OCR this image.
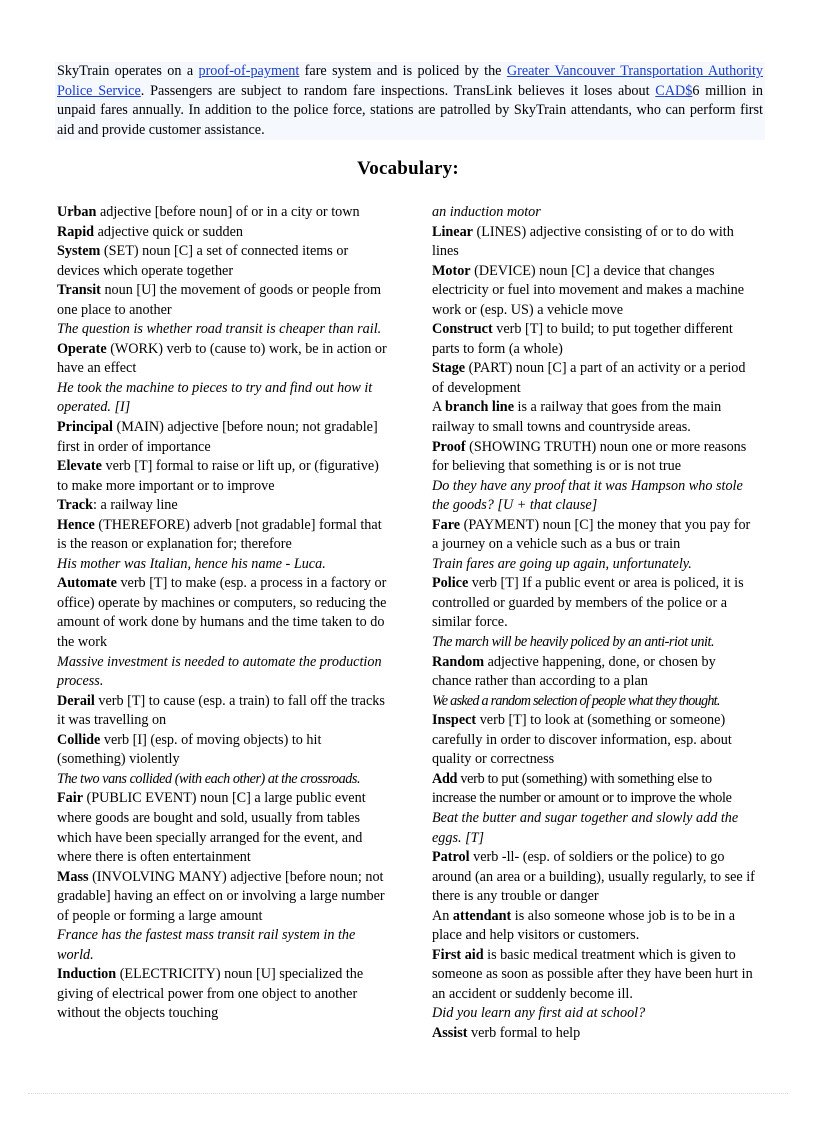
SkyTrain operates on a proof-of-payment fare system and is policed by the Greater Vancouver Transportation Authority Police Service. Passengers are subject to random fare inspections. TransLink believes it loses about CAD$6 million in unpaid fares annually. In addition to the police force, stations are patrolled by SkyTrain attendants, who can perform first aid and provide customer assistance.
Vocabulary:

Urban adjective [before noun] of or in a city or town

Rapid adjective quick or sudden

System (SET) noun [C] a set of connected items or devices which operate together

Transit noun [U] the movement of goods or people from one place to another

The question is whether road transit is cheaper than rail.

Operate (WORK) verb to (cause to) work, be in action or have an effect

He took the machine to pieces to try and find out how it operated. [I]

Principal (MAIN) adjective [before noun; not gradable] first in order of importance

Elevate verb [T] formal to raise or lift up, or (figurative) to make more important or to improve

Track: a railway line

Hence (THEREFORE) adverb [not gradable] formal that is the reason or explanation for; therefore

His mother was Italian, hence his name - Luca.

Automate verb [T] to make (esp. a process in a factory or office) operate by machines or computers, so reducing the amount of work done by humans and the time taken to do the work

Massive investment is needed to automate the production process.

Derail verb [T] to cause (esp. a train) to fall off the tracks it was travelling on

Collide verb [I] (esp. of moving objects) to hit (something) violently

The two vans collided (with each other) at the crossroads.

Fair (PUBLIC EVENT) noun [C] a large public event where goods are bought and sold, usually from tables which have been specially arranged for the event, and where there is often entertainment

Mass (INVOLVING MANY) adjective [before noun; not gradable] having an effect on or involving a large number of people or forming a large amount

France has the fastest mass transit rail system in the world.

Induction (ELECTRICITY) noun [U] specialized the giving of electrical power from one object to another without the objects touching

an induction motor

Linear (LINES) adjective consisting of or to do with lines

Motor (DEVICE) noun [C] a device that changes electricity or fuel into movement and makes a machine work or (esp. US) a vehicle move

Construct verb [T] to build; to put together different parts to form (a whole)

Stage (PART) noun [C] a part of an activity or a period of development

A branch line is a railway that goes from the main railway to small towns and countryside areas.

Proof (SHOWING TRUTH) noun one or more reasons for believing that something is or is not true

Do they have any proof that it was Hampson who stole the goods? [U + that clause]

Fare (PAYMENT) noun [C] the money that you pay for a journey on a vehicle such as a bus or train

Train fares are going up again, unfortunately.

Police verb [T] If a public event or area is policed, it is controlled or guarded by members of the police or a similar force.

The march will be heavily policed by an anti-riot unit.

Random adjective happening, done, or chosen by chance rather than according to a plan

We asked a random selection of people what they thought.

Inspect verb [T] to look at (something or someone) carefully in order to discover information, esp. about quality or correctness

Add verb to put (something) with something else to increase the number or amount or to improve the whole

Beat the butter and sugar together and slowly add the eggs. [T]

Patrol verb -ll- (esp. of soldiers or the police) to go around (an area or a building), usually regularly, to see if there is any trouble or danger

An attendant is also someone whose job is to be in a place and help visitors or customers.

First aid is basic medical treatment which is given to someone as soon as possible after they have been hurt in an accident or suddenly become ill.

Did you learn any first aid at school?

Assist verb formal to help
